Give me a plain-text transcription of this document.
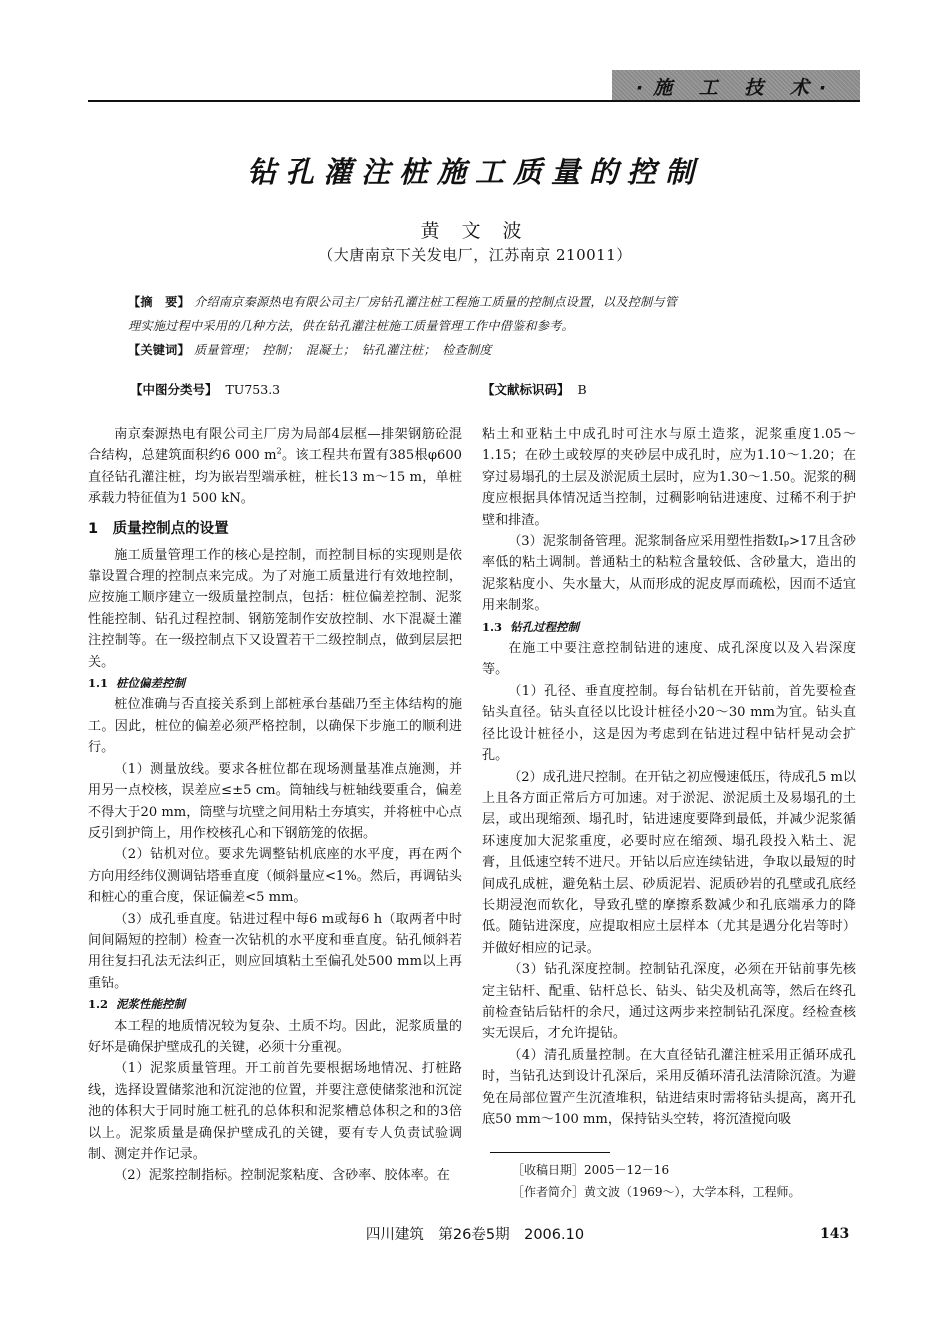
·施 工 技 术·
钻孔灌注桩施工质量的控制
黄 文 波
（大唐南京下关发电厂，江苏南京 210011）
【摘　要】 介绍南京秦源热电有限公司主厂房钻孔灌注桩工程施工质量的控制点设置，以及控制与管
理实施过程中采用的几种方法，供在钻孔灌注桩施工质量管理工作中借鉴和参考。
【关键词】 质量管理；　控制；　混凝土；　钻孔灌注桩；　检查制度
【中图分类号】 TU753.3	【文献标识码】 B

南京秦源热电有限公司主厂房为局部4层框—排架钢筋砼混合结构，总建筑面积约6 000 $m^2$。该工程共布置有385根φ600直径钻孔灌注桩，均为嵌岩型端承桩，桩长13 m～15 m，单桩承载力特征值为1 500 kN。

1　质量控制点的设置

施工质量管理工作的核心是控制，而控制目标的实现则是依靠设置合理的控制点来完成。为了对施工质量进行有效地控制，应按施工顺序建立一级质量控制点，包括：桩位偏差控制、泥浆性能控制、钻孔过程控制、钢筋笼制作安放控制、水下混凝土灌注控制等。在一级控制点下又设置若干二级控制点，做到层层把关。

1.1 桩位偏差控制

桩位准确与否直接关系到上部桩承台基础乃至主体结构的施工。因此，桩位的偏差必须严格控制，以确保下步施工的顺利进行。

（1）测量放线。要求各桩位都在现场测量基准点施测，并用另一点校核，误差应≤±5 cm。筒轴线与桩轴线要重合，偏差不得大于20 mm，筒壁与坑壁之间用粘土夯填实，并将桩中心点反引到护筒上，用作校核孔心和下钢筋笼的依据。

（2）钻机对位。要求先调整钻机底座的水平度，再在两个方向用经纬仪测调钻塔垂直度（倾斜量应<1%。然后，再调钻头和桩心的重合度，保证偏差<5 mm。

（3）成孔垂直度。钻进过程中每6 m或每6 h（取两者中时间间隔短的控制）检查一次钻机的水平度和垂直度。钻孔倾斜若用往复扫孔法无法纠正，则应回填粘土至偏孔处500 mm以上再重钻。

1.2 泥浆性能控制

本工程的地质情况较为复杂、土质不均。因此，泥浆质量的好坏是确保护壁成孔的关键，必须十分重视。

（1）泥浆质量管理。开工前首先要根据场地情况、打桩路线，选择设置储浆池和沉淀池的位置，并要注意使储浆池和沉淀池的体积大于同时施工桩孔的总体积和泥浆槽总体积之和的3倍以上。泥浆质量是确保护壁成孔的关键，要有专人负责试验调制、测定并作记录。

（2）泥浆控制指标。控制泥浆粘度、含砂率、胶体率。在

粘土和亚粘土中成孔时可注水与原土造浆，泥浆重度1.05～1.15；在砂土或较厚的夹砂层中成孔时，应为1.10～1.20；在穿过易塌孔的土层及淤泥质土层时，应为1.30～1.50。泥浆的稠度应根据具体情况适当控制，过稠影响钻进速度、过稀不利于护壁和排渣。

（3）泥浆制备管理。泥浆制备应采用塑性指数Iₚ>17且含砂率低的粘土调制。普通粘土的粘粒含量较低、含砂量大，造出的泥浆粘度小、失水量大，从而形成的泥皮厚而疏松，因而不适宜用来制浆。

1.3 钻孔过程控制

在施工中要注意控制钻进的速度、成孔深度以及入岩深度等。

（1）孔径、垂直度控制。每台钻机在开钻前，首先要检查钻头直径。钻头直径以比设计桩径小20～30 mm为宜。钻头直径比设计桩径小，这是因为考虑到在钻进过程中钻杆晃动会扩孔。

（2）成孔进尺控制。在开钻之初应慢速低压，待成孔5 m以上且各方面正常后方可加速。对于淤泥、淤泥质土及易塌孔的土层，或出现缩颈、塌孔时，钻进速度要降到最低，并减少泥浆循环速度加大泥浆重度，必要时应在缩颈、塌孔段投入粘土、泥膏，且低速空转不进尺。开钻以后应连续钻进，争取以最短的时间成孔成桩，避免粘土层、砂质泥岩、泥质砂岩的孔壁或孔底经长期浸泡而软化，导致孔壁的摩擦系数减少和孔底端承力的降低。随钻进深度，应提取相应土层样本（尤其是遇分化岩等时）并做好相应的记录。

（3）钻孔深度控制。控制钻孔深度，必须在开钻前事先核定主钻杆、配重、钻杆总长、钻头、钻尖及机高等，然后在终孔前检查钻后钻杆的余尺，通过这两步来控制钻孔深度。经检查核实无误后，才允许提钻。

（4）清孔质量控制。在大直径钻孔灌注桩采用正循环成孔时，当钻孔达到设计孔深后，采用反循环清孔法清除沉渣。为避免在局部位置产生沉渣堆积，钻进结束时需将钻头提高，离开孔底50 mm～100 mm，保持钻头空转，将沉渣搅向吸

［收稿日期］2005－12－16
［作者简介］黄文波（1969～），大学本科，工程师。
四川建筑　第26卷5期　2006.10	143
